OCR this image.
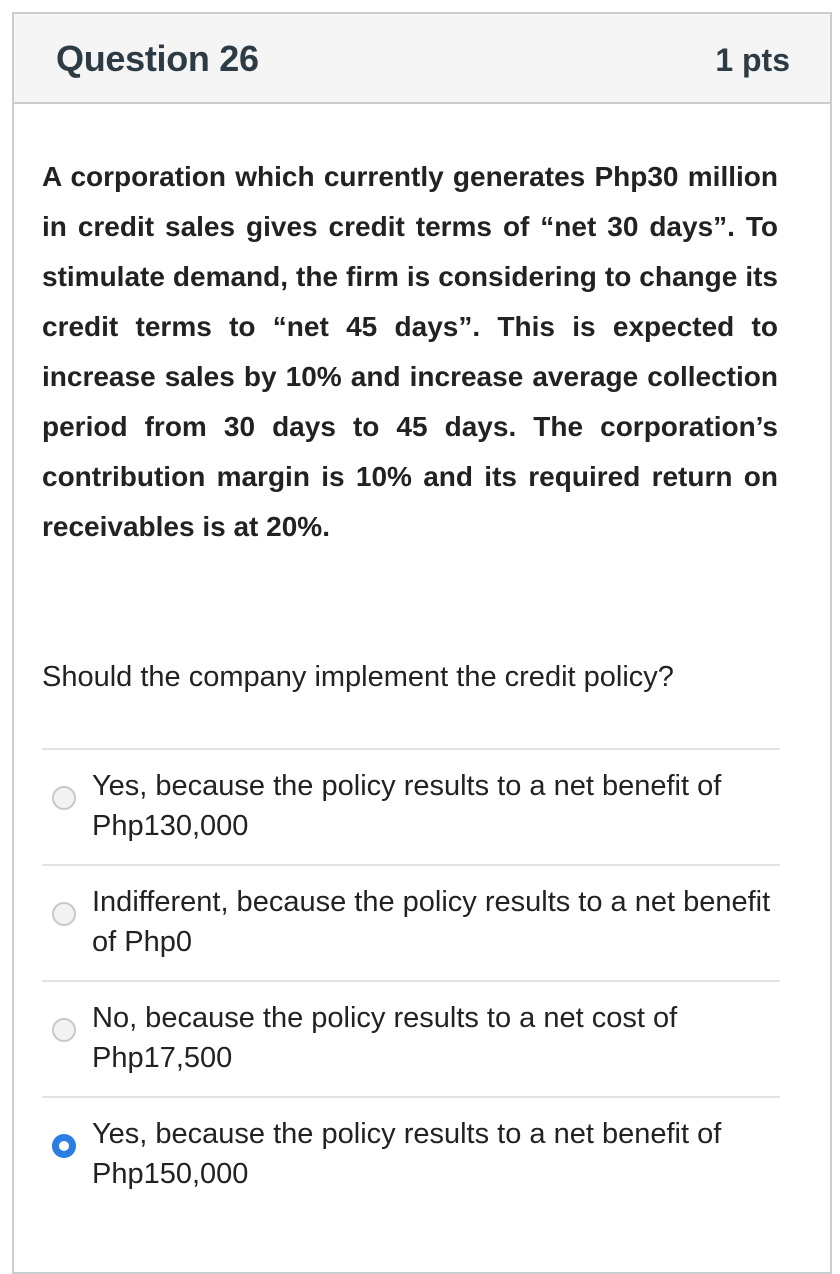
Question 26	1 pts
A corporation which currently generates Php30 million in credit sales gives credit terms of “net 30 days”. To stimulate demand, the firm is considering to change its credit terms to “net 45 days”. This is expected to increase sales by 10% and increase average collection period from 30 days to 45 days. The corporation’s contribution margin is 10% and its required return on receivables is at 20%.
Should the company implement the credit policy?
Yes, because the policy results to a net benefit of Php130,000
Indifferent, because the policy results to a net benefit of Php0
No, because the policy results to a net cost of Php17,500
Yes, because the policy results to a net benefit of Php150,000
